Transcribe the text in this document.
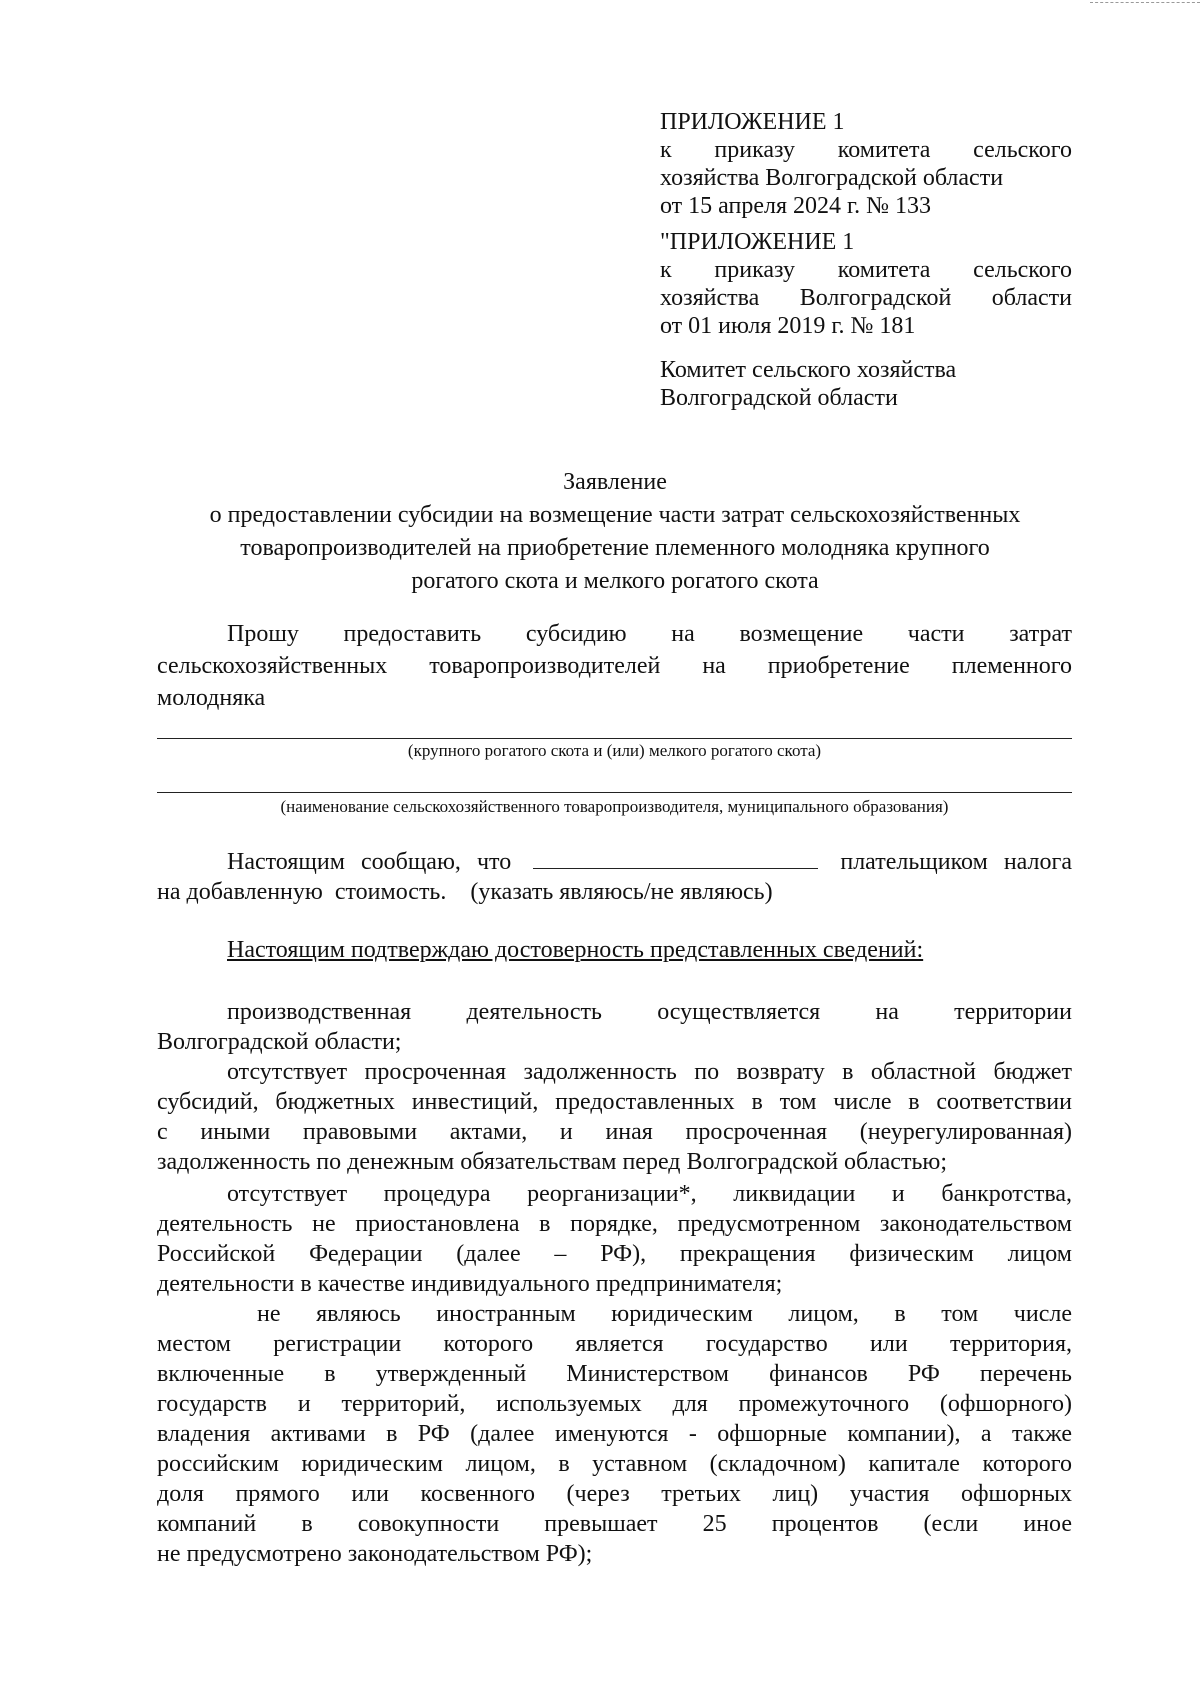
ПРИЛОЖЕНИЕ 1
к приказу комитета сельского
хозяйства Волгоградской области
от 15 апреля 2024 г. № 133
"ПРИЛОЖЕНИЕ 1
к приказу комитета сельского
хозяйства Волгоградской области
от 01 июля 2019 г. № 181
Комитет сельского хозяйства
Волгоградской области
Заявление
о предоставлении субсидии на возмещение части затрат сельскохозяйственных
товаропроизводителей на приобретение племенного молодняка крупного
рогатого скота и мелкого рогатого скота
Прошу предоставить субсидию на возмещение части затрат
сельскохозяйственных товаропроизводителей на приобретение племенного
молодняка
(крупного рогатого скота и (или) мелкого рогатого скота)
(наименование сельскохозяйственного товаропроизводителя, муниципального образования)
Настоящим сообщаю, что	плательщиком налога
на добавленную  стоимость.    (указать являюсь/не являюсь)
Настоящим подтверждаю достоверность представленных сведений:
производственная деятельность осуществляется на территории
Волгоградской области;
отсутствует просроченная задолженность по возврату в областной бюджет
субсидий, бюджетных инвестиций, предоставленных в том числе в соответствии
с иными правовыми актами, и иная просроченная (неурегулированная)
задолженность по денежным обязательствам перед Волгоградской областью;
отсутствует процедура реорганизации*, ликвидации и банкротства,
деятельность не приостановлена в порядке, предусмотренном законодательством
Российской Федерации (далее – РФ), прекращения физическим лицом
деятельности в качестве индивидуального предпринимателя;
не являюсь иностранным юридическим лицом, в том числе
местом регистрации которого является государство или территория,
включенные в утвержденный Министерством финансов РФ перечень
государств и территорий, используемых для промежуточного (офшорного)
владения активами в РФ (далее именуются - офшорные компании), а также
российским юридическим лицом, в уставном (складочном) капитале которого
доля прямого или косвенного (через третьих лиц) участия офшорных
компаний в совокупности превышает 25 процентов (если иное
не предусмотрено законодательством РФ);
